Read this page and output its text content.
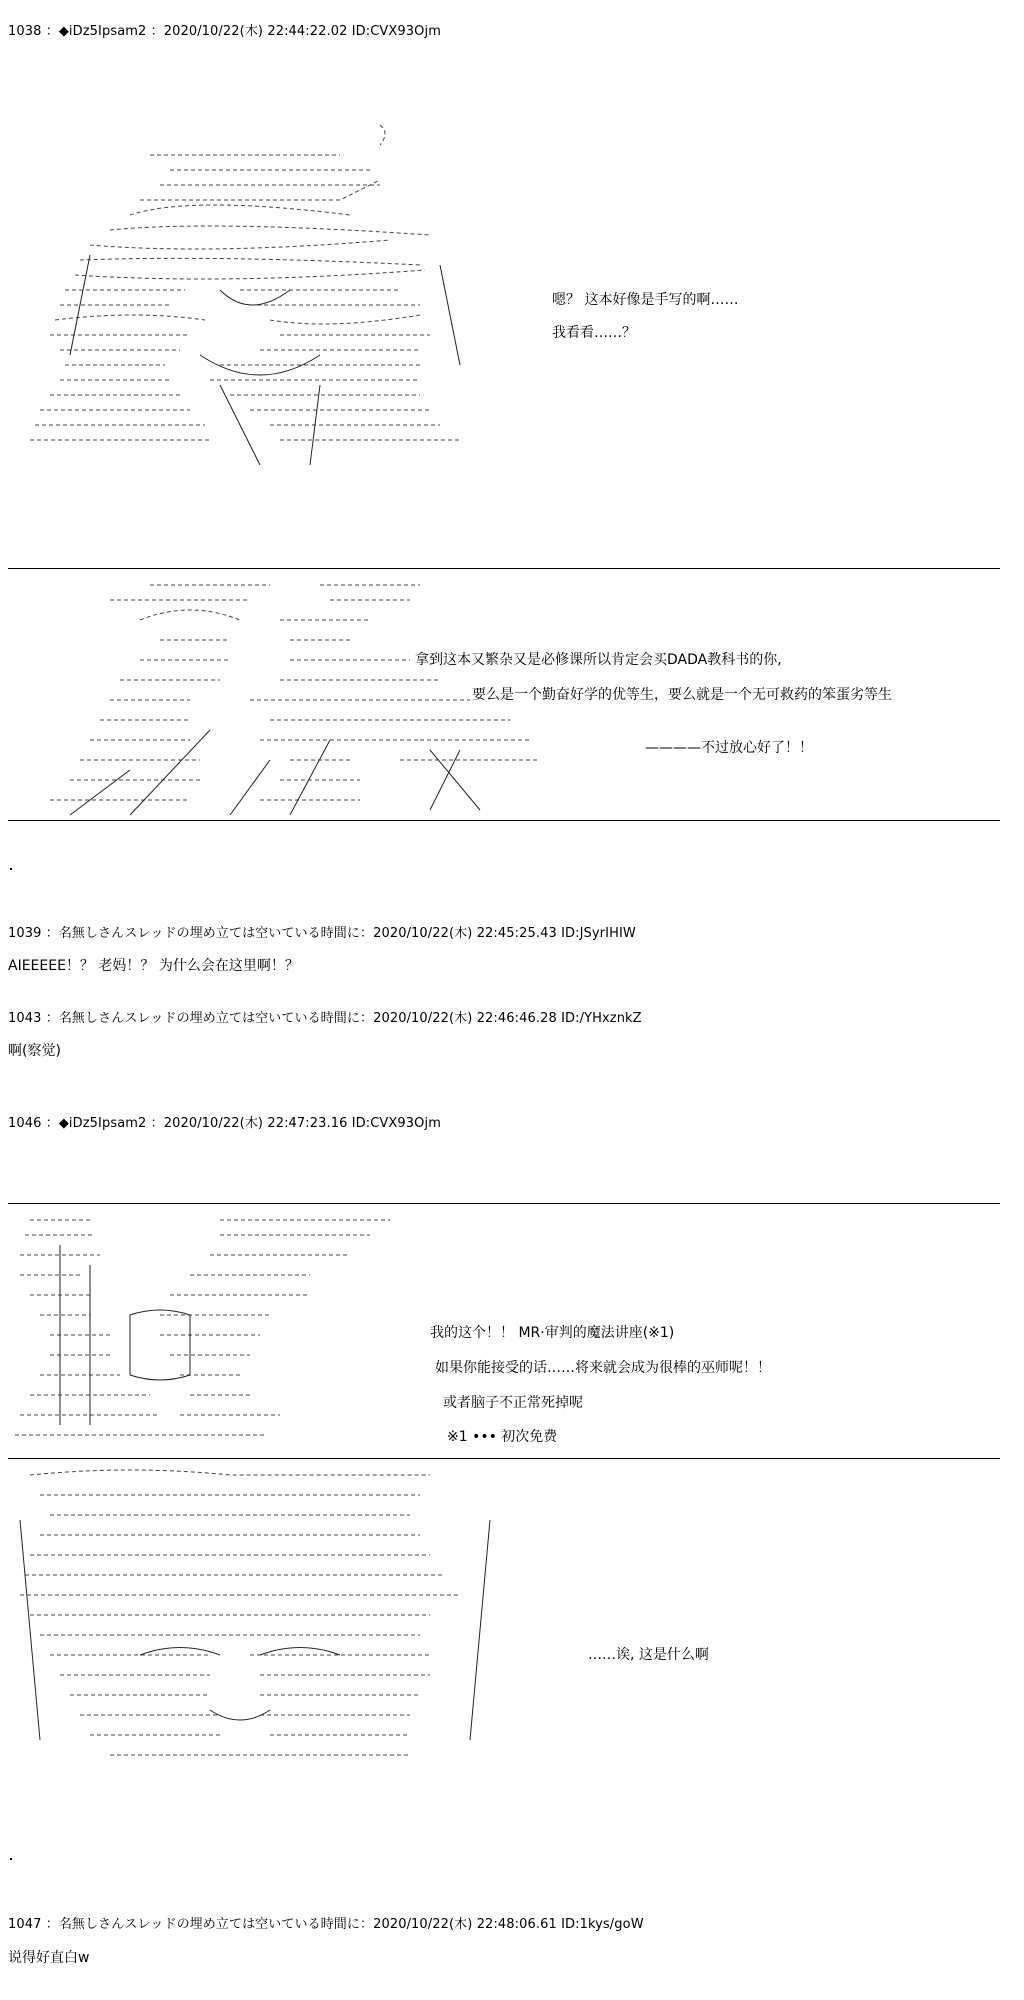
1038 ：◆iDz5Ipsam2 ：2020/10/22(木) 22:44:22.02 ID:CVX93Ojm
嗯？ 这本好像是手写的啊……
我看看……？
拿到这本又繁杂又是必修课所以肯定会买DADA教科书的你,
要么是一个勤奋好学的优等生，要么就是一个无可救药的笨蛋劣等生
————不过放心好了！！
1039 ：名無しさんスレッドの埋め立ては空いている時間に：2020/10/22(木) 22:45:25.43 ID:JSyrIHIW
AIEEEEE！？ 老妈！？ 为什么会在这里啊！？
1043 ：名無しさんスレッドの埋め立ては空いている時間に：2020/10/22(木) 22:46:46.28 ID:/YHxznkZ
啊(察觉)
1046 ：◆iDz5Ipsam2 ：2020/10/22(木) 22:47:23.16 ID:CVX93Ojm
我的这个！！ MR·审判的魔法讲座(※1)
如果你能接受的话……将来就会成为很棒的巫师呢！！
或者脑子不正常死掉呢
※1 ••• 初次免费
……诶, 这是什么啊
1047 ：名無しさんスレッドの埋め立ては空いている時間に：2020/10/22(木) 22:48:06.61 ID:1kys/goW
说得好直白w
